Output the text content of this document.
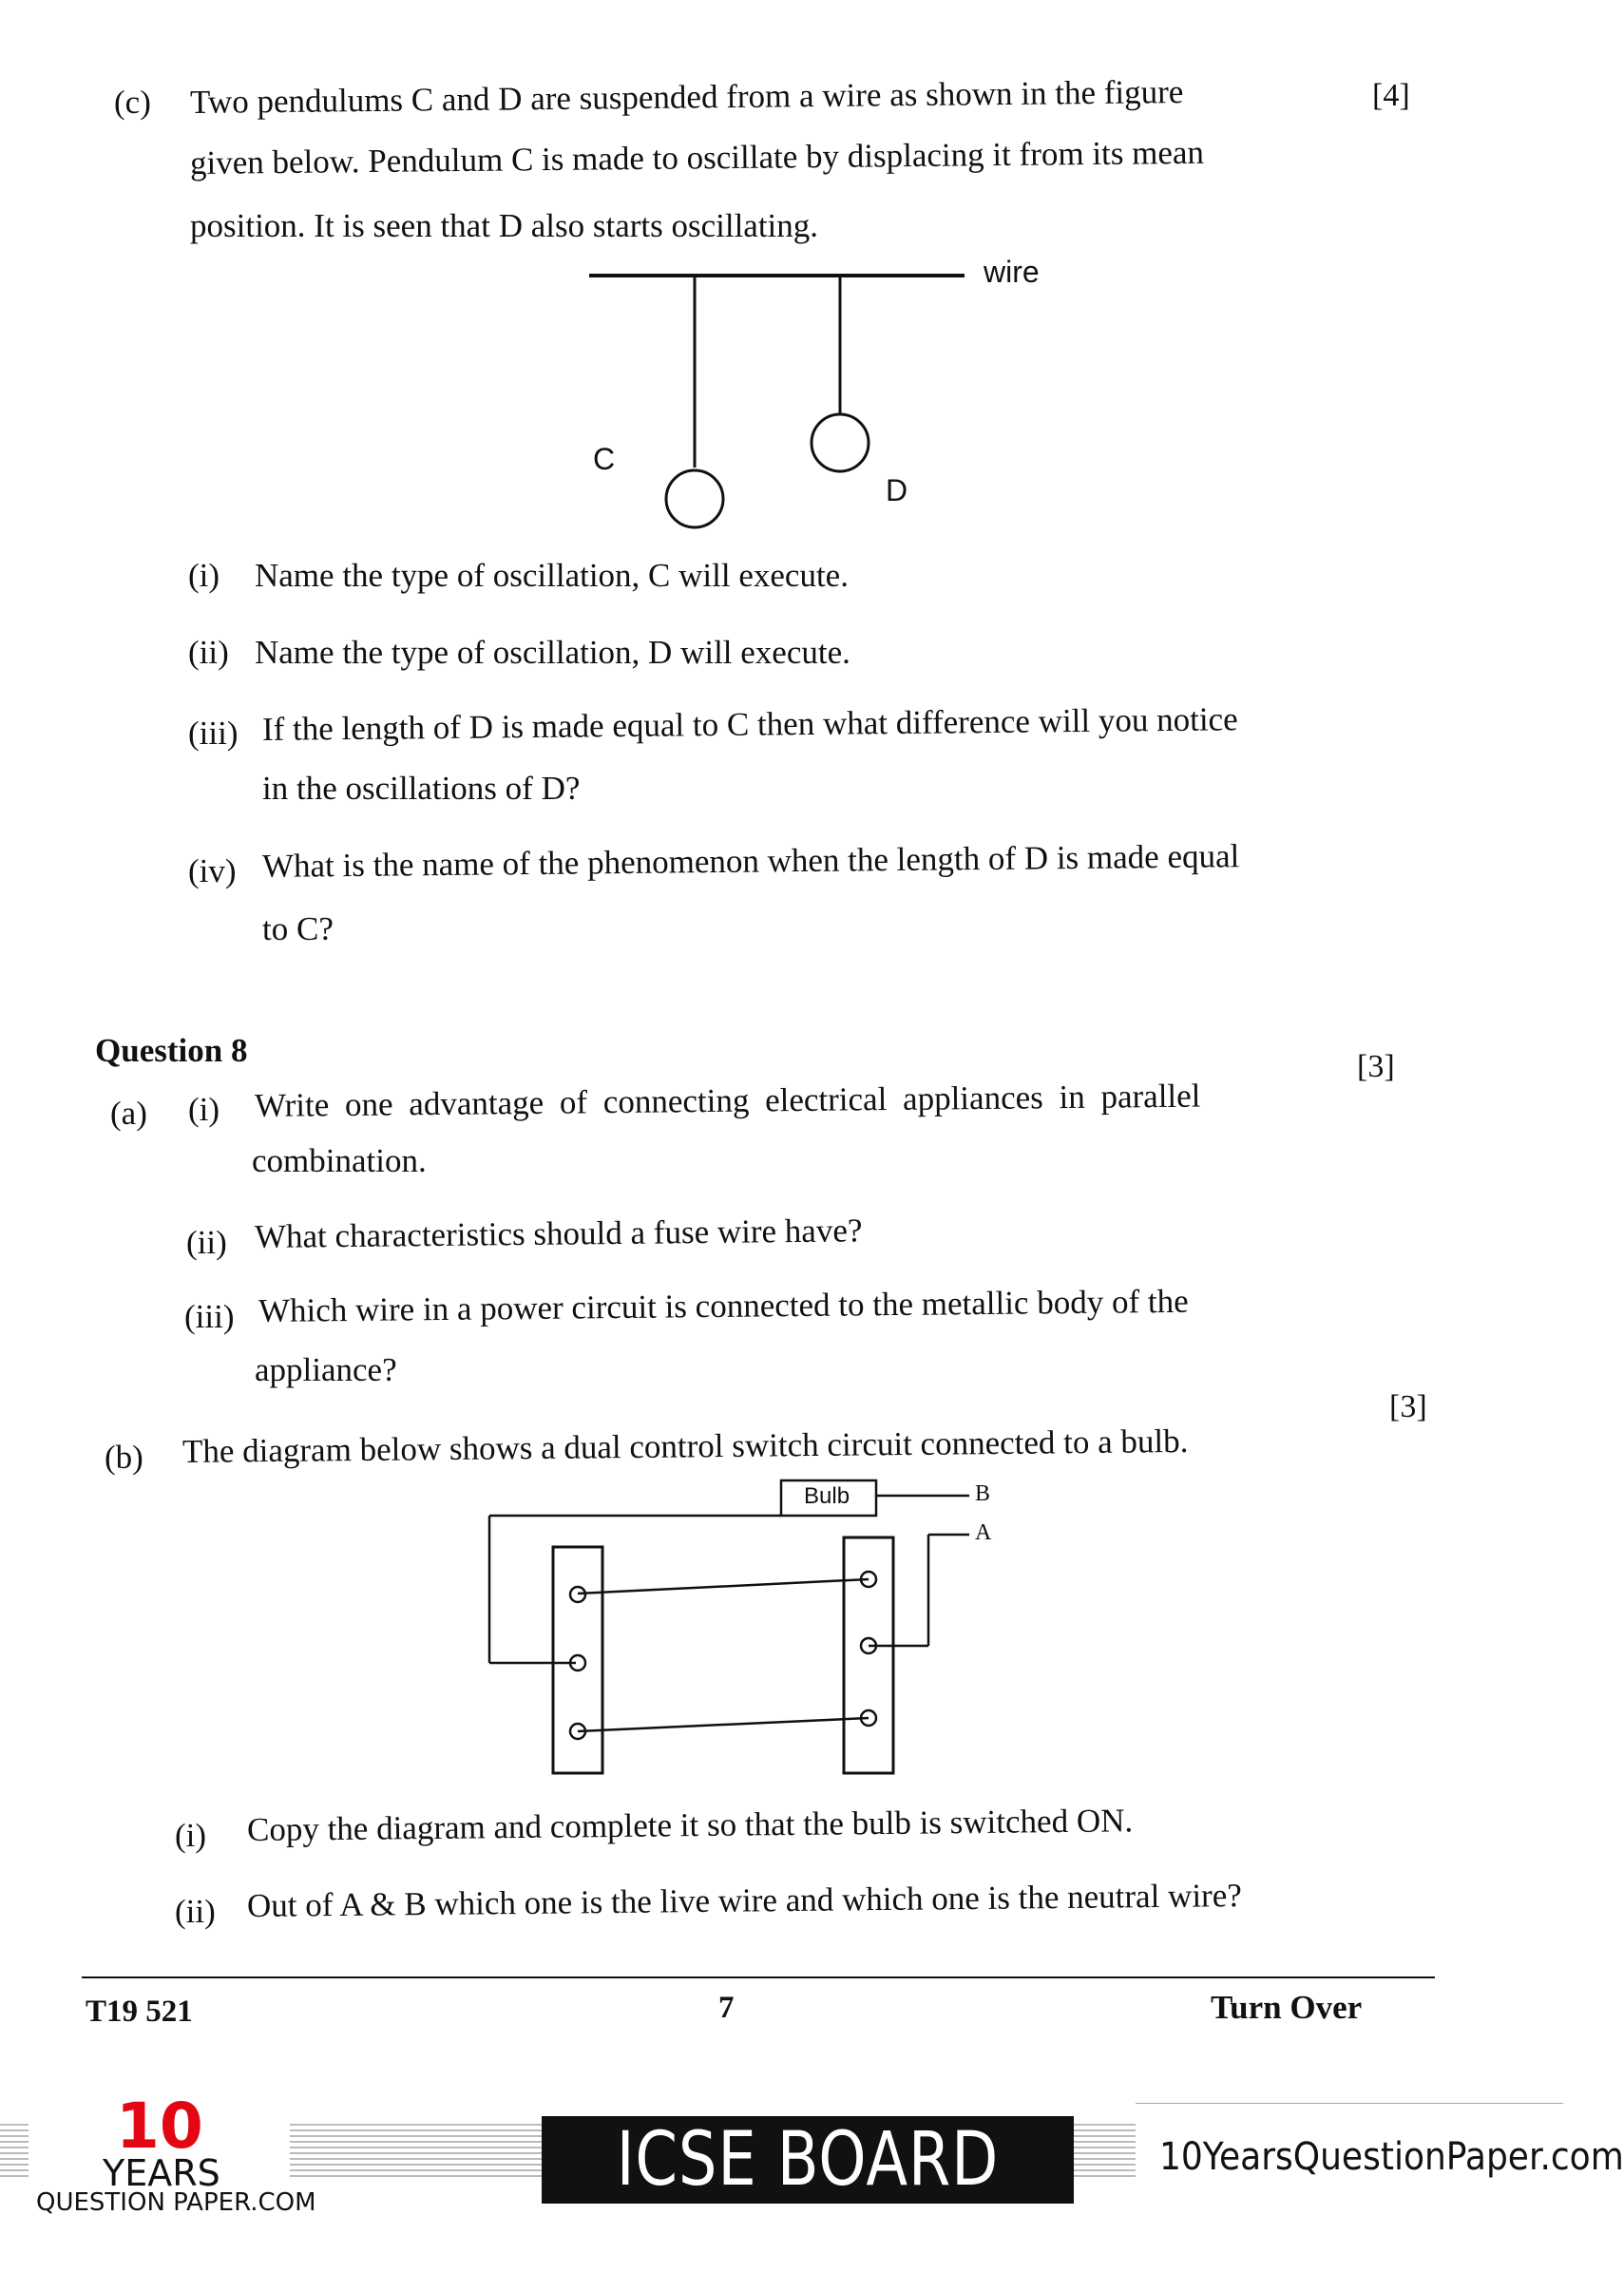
(c) Two pendulums C and D are suspended from a wire as shown in the figure	[4]
given below. Pendulum C is made to oscillate by displacing it from its mean
position. It is seen that D also starts oscillating.
wire
C
D
(i) Name the type of oscillation, C will execute.
(ii) Name the type of oscillation, D will execute.
(iii) If the length of D is made equal to C then what difference will you notice
in the oscillations of D?
(iv) What is the name of the phenomenon when the length of D is made equal
to C?
Question 8
(a) (i) Write one advantage of connecting electrical appliances in parallel
[3]
combination.
(ii) What characteristics should a fuse wire have?
(iii) Which wire in a power circuit is connected to the metallic body of the
appliance?
(b) The diagram below shows a dual control switch circuit connected to a bulb.
[3]
Bulb	B
A
(i) Copy the diagram and complete it so that the bulb is switched ON.
(ii) Out of A & B which one is the live wire and which one is the neutral wire?
T19 521	7	Turn Over
10
YEARS
QUESTION PAPER.COM	ICSE BOARD X
10YearsQuestionPaper.com
